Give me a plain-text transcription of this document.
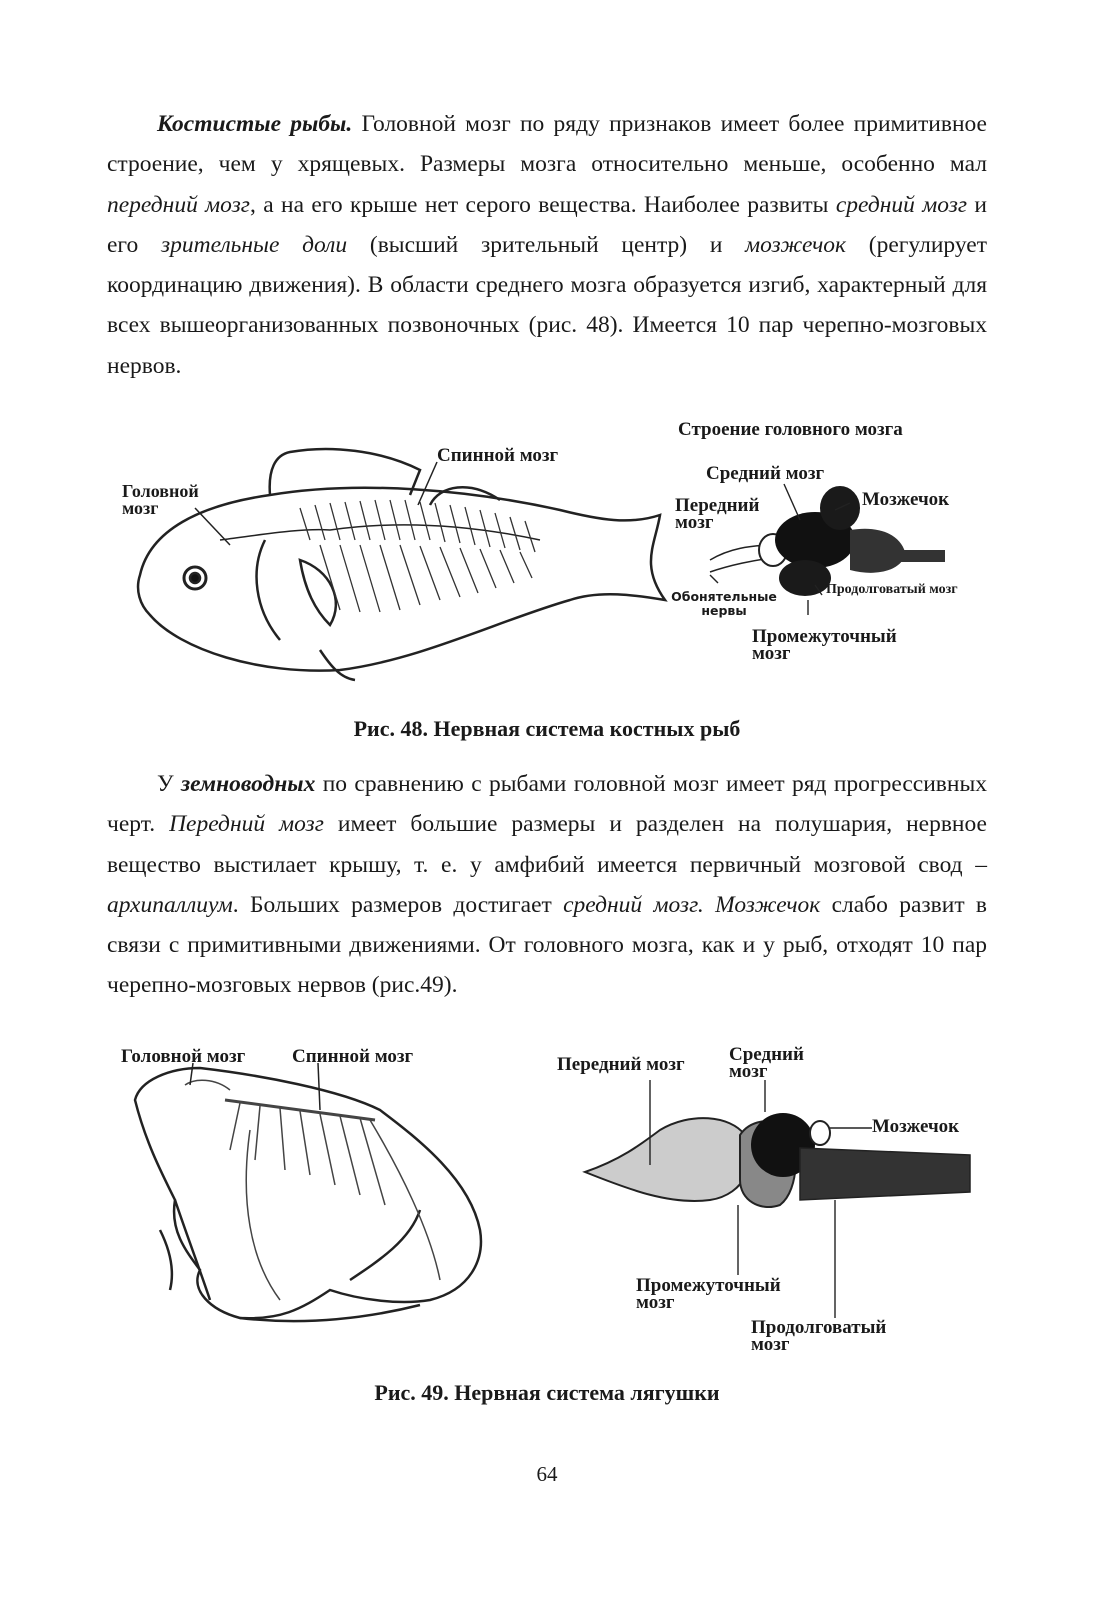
Костистые рыбы. Головной мозг по ряду признаков имеет более примитивное строение, чем у хрящевых. Размеры мозга относительно меньше, особенно мал передний мозг, а на его крыше нет серого вещества. Наиболее развиты средний мозг и его зрительные доли (высший зрительный центр) и мозжечок (регулирует координацию движения). В области среднего мозга образуется изгиб, характерный для всех вышеорганизованных позвоночных (рис. 48). Имеется 10 пар черепно-мозговых нервов.

Головной мозг
Спинной мозг
Строение головного мозга
Средний мозг
Передний мозг
Мозжечок
Обонятельные нервы
Продолговатый мозг
Промежуточный мозг
Рис. 48. Нервная система костных рыб

У земноводных по сравнению с рыбами головной мозг имеет ряд прогрессивных черт. Передний мозг имеет большие размеры и разделен на полушария, нервное вещество выстилает крышу, т. е. у амфибий имеется первичный мозговой свод – архипаллиум. Больших размеров достигает средний мозг. Мозжечок слабо развит в связи с примитивными движениями. От головного мозга, как и у рыб, отходят 10 пар черепно-мозговых нервов (рис.49).

Головной мозг Спинной мозг	Передний мозг Средний мозг
Мозжечок
Промежуточный мозг
Продолговатый мозг
Рис. 49. Нервная система лягушки
64
